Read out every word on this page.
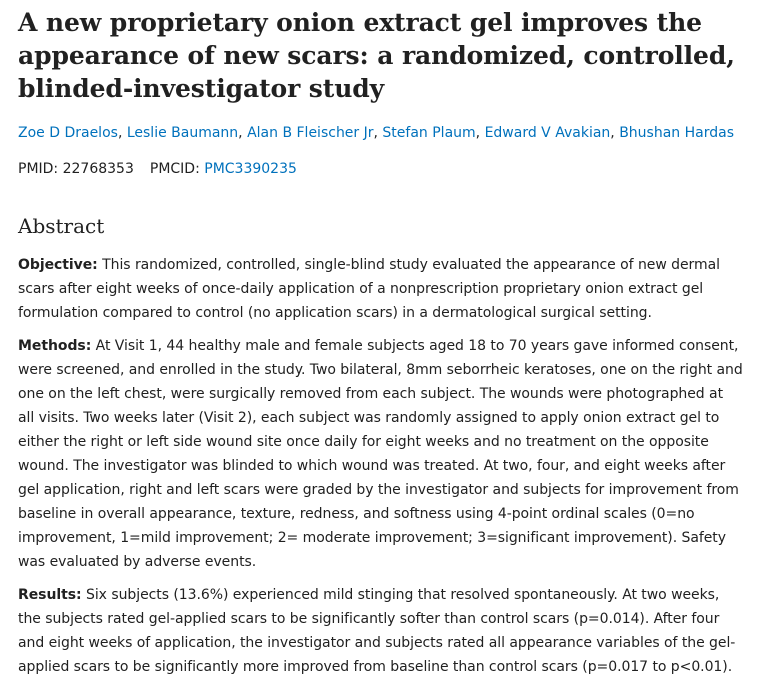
A new proprietary onion extract gel improves the appearance of new scars: a randomized, controlled, blinded-investigator study
Zoe D Draelos, Leslie Baumann, Alan B Fleischer Jr, Stefan Plaum, Edward V Avakian, Bhushan Hardas
PMID: 22768353 PMCID: PMC3390235
Abstract

Objective: This randomized, controlled, single-blind study evaluated the appearance of new dermal scars after eight weeks of once-daily application of a nonprescription proprietary onion extract gel formulation compared to control (no application scars) in a dermatological surgical setting.

Methods: At Visit 1, 44 healthy male and female subjects aged 18 to 70 years gave informed consent, were screened, and enrolled in the study. Two bilateral, 8mm seborrheic keratoses, one on the right and one on the left chest, were surgically removed from each subject. The wounds were photographed at all visits. Two weeks later (Visit 2), each subject was randomly assigned to apply onion extract gel to either the right or left side wound site once daily for eight weeks and no treatment on the opposite wound. The investigator was blinded to which wound was treated. At two, four, and eight weeks after gel application, right and left scars were graded by the investigator and subjects for improvement from baseline in overall appearance, texture, redness, and softness using 4-point ordinal scales (0=no improvement, 1=mild improvement; 2= moderate improvement; 3=significant improvement). Safety was evaluated by adverse events.

Results: Six subjects (13.6%) experienced mild stinging that resolved spontaneously. At two weeks, the subjects rated gel-applied scars to be significantly softer than control scars (p=0.014). After four and eight weeks of application, the investigator and subjects rated all appearance variables of the gel-applied scars to be significantly more improved from baseline than control scars (p=0.017 to p<0.01).
